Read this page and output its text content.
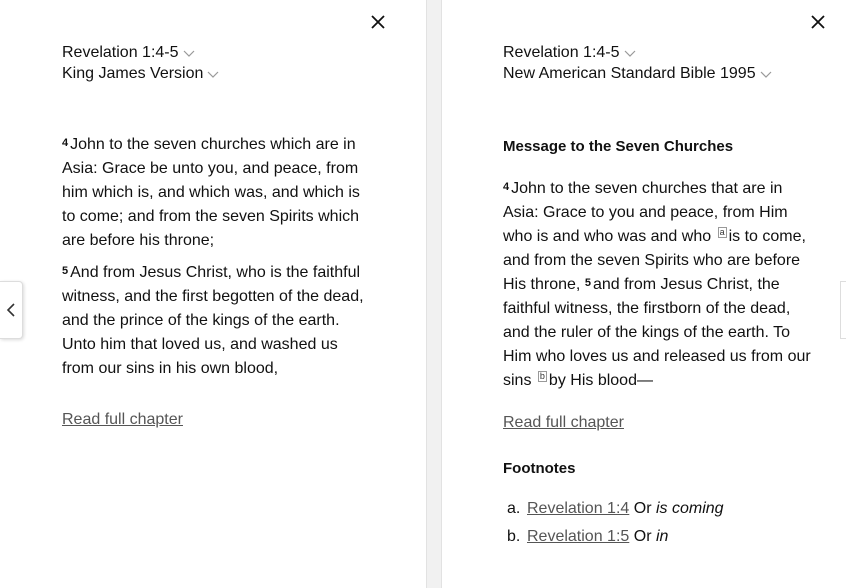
Revelation 1:4-5
King James Version

$^4$ John to the seven churches which are in Asia: Grace be unto you, and peace, from him which is, and which was, and which is to come; and from the seven Spirits which are before his throne;

$^5$ And from Jesus Christ, who is the faithful witness, and the first begotten of the dead, and the prince of the kings of the earth. Unto him that loved us, and washed us from our sins in his own blood,

Read full chapter
Revelation 1:4-5
New American Standard Bible 1995
Message to the Seven Churches

$^4$ John to the seven churches that are in Asia: Grace to you and peace, from Him who is and who was and who a is to come, and from the seven Spirits who are before His throne, $^5$ and from Jesus Christ, the faithful witness, the firstborn of the dead, and the ruler of the kings of the earth. To Him who loves us and released us from our sins b by His blood—

Read full chapter
Footnotes
a. Revelation 1:4 Or is coming
b. Revelation 1:5 Or in
